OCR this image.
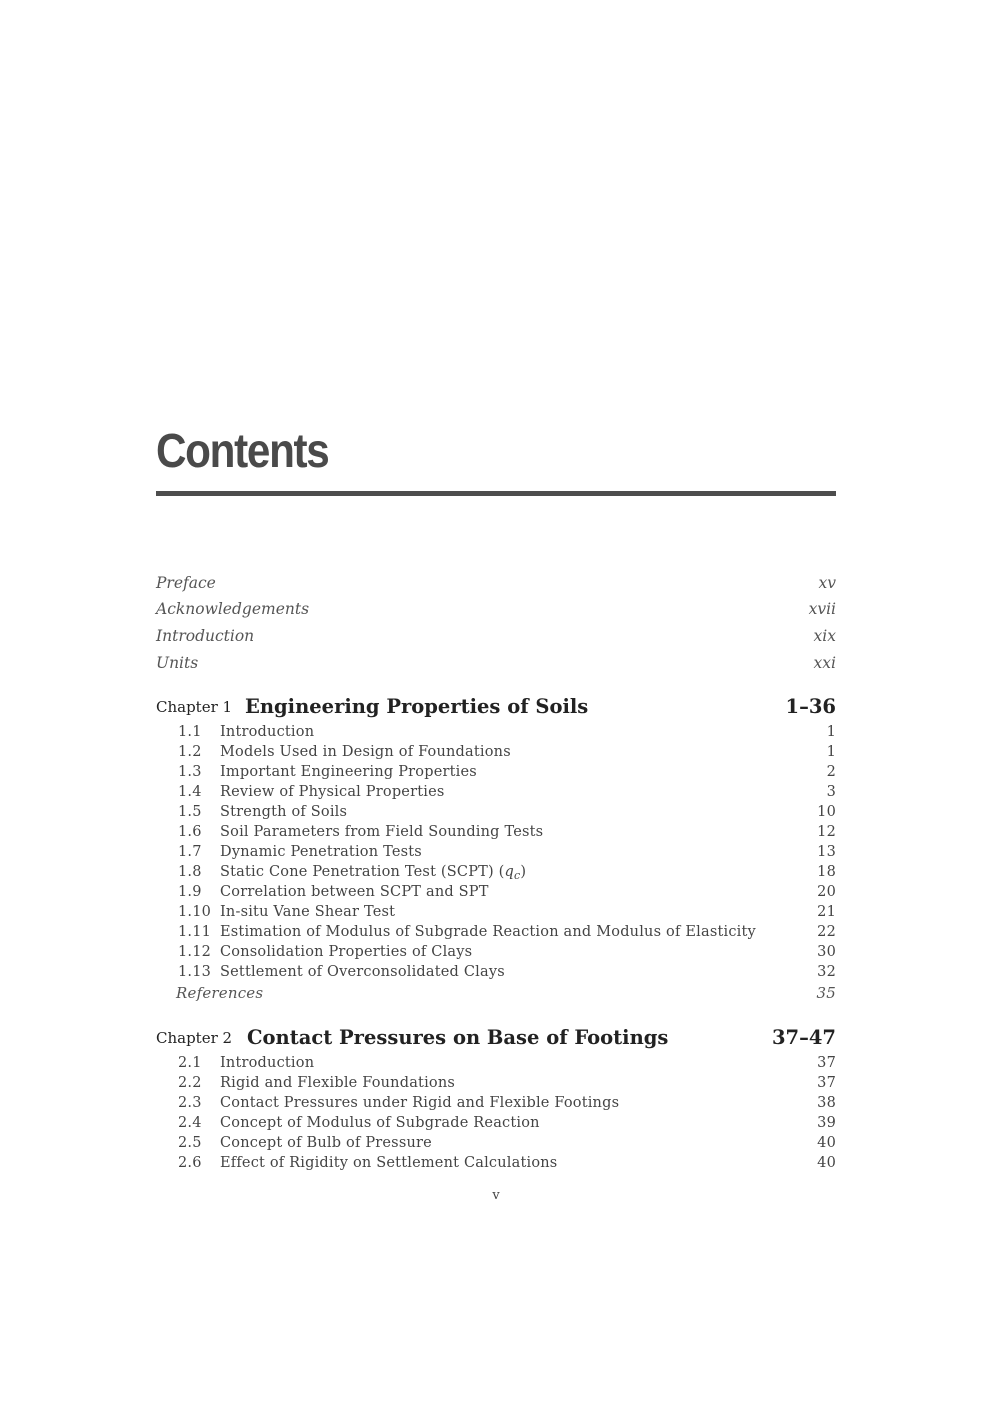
Contents
Preface	xv
Acknowledgements	xvii
Introduction	xix
Units	xxi
Chapter 1 Engineering Properties of Soils	1–36
1.1 Introduction	1
1.2 Models Used in Design of Foundations	1
1.3 Important Engineering Properties	2
1.4 Review of Physical Properties	3
1.5 Strength of Soils	10
1.6 Soil Parameters from Field Sounding Tests	12
1.7 Dynamic Penetration Tests	13
1.8 Static Cone Penetration Test (SCPT) $(q_c)$	18
1.9 Correlation between SCPT and SPT	20
1.10 In-situ Vane Shear Test	21
1.11 Estimation of Modulus of Subgrade Reaction and Modulus of Elasticity	22
1.12 Consolidation Properties of Clays	30
1.13 Settlement of Overconsolidated Clays	32
References	35
Chapter 2 Contact Pressures on Base of Footings	37–47
2.1 Introduction	37
2.2 Rigid and Flexible Foundations	37
2.3 Contact Pressures under Rigid and Flexible Footings	38
2.4 Concept of Modulus of Subgrade Reaction	39
2.5 Concept of Bulb of Pressure	40
2.6 Effect of Rigidity on Settlement Calculations	40
v
